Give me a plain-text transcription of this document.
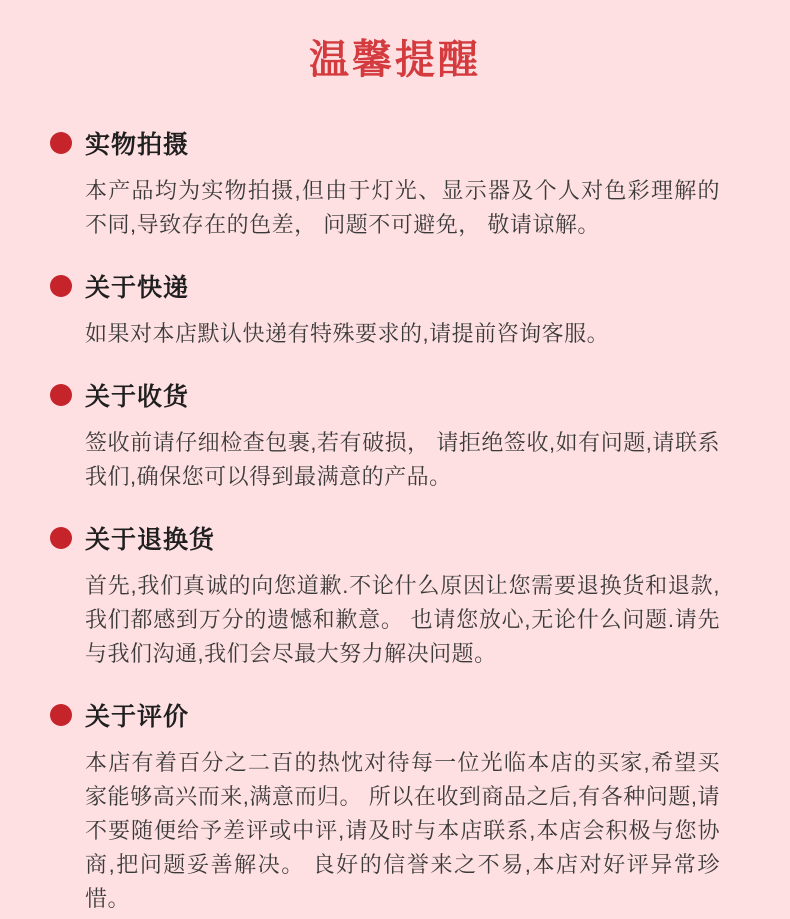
温馨提醒
实物拍摄

本产品均为实物拍摄,但由于灯光、显示器及个人对色彩理解的不同,导致存在的色差， 问题不可避免， 敬请谅解。

关于快递

如果对本店默认快递有特殊要求的,请提前咨询客服。

关于收货

签收前请仔细检查包裹,若有破损， 请拒绝签收,如有问题,请联系我们,确保您可以得到最满意的产品。

关于退换货

首先,我们真诚的向您道歉.不论什么原因让您需要退换货和退款,我们都感到万分的遗憾和歉意。 也请您放心,无论什么问题.请先与我们沟通,我们会尽最大努力解决问题。

关于评价

本店有着百分之二百的热忱对待每一位光临本店的买家,希望买家能够高兴而来,满意而归。 所以在收到商品之后,有各种问题,请不要随便给予差评或中评,请及时与本店联系,本店会积极与您协商,把问题妥善解决。 良好的信誉来之不易,本店对好评异常珍惜。
